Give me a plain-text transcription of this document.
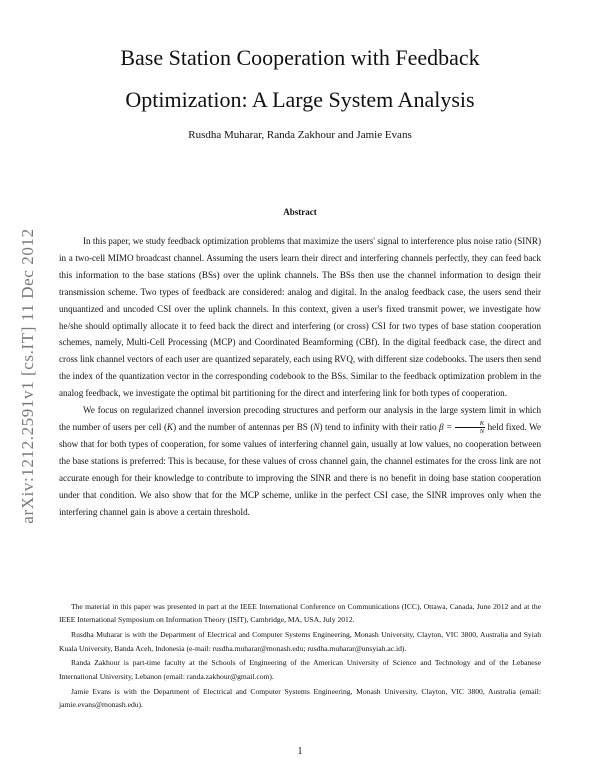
arXiv:1212.2591v1 [cs.IT] 11 Dec 2012
Base Station Cooperation with Feedback
Optimization: A Large System Analysis
Rusdha Muharar, Randa Zakhour and Jamie Evans
Abstract

In this paper, we study feedback optimization problems that maximize the users' signal to interference plus noise ratio (SINR) in a two-cell MIMO broadcast channel. Assuming the users learn their direct and interfering channels perfectly, they can feed back this information to the base stations (BSs) over the uplink channels. The BSs then use the channel information to design their transmission scheme. Two types of feedback are considered: analog and digital. In the analog feedback case, the users send their unquantized and uncoded CSI over the uplink channels. In this context, given a user's fixed transmit power, we investigate how he/she should optimally allocate it to feed back the direct and interfering (or cross) CSI for two types of base station cooperation schemes, namely, Multi-Cell Processing (MCP) and Coordinated Beamforming (CBf). In the digital feedback case, the direct and cross link channel vectors of each user are quantized separately, each using RVQ, with different size codebooks. The users then send the index of the quantization vector in the corresponding codebook to the BSs. Similar to the feedback optimization problem in the analog feedback, we investigate the optimal bit partitioning for the direct and interfering link for both types of cooperation.

We focus on regularized channel inversion precoding structures and perform our analysis in the large system limit in which the number of users per cell (K) and the number of antennas per BS (N) tend to infinity with their ratio $\beta = \frac{K}{N}$ held fixed. We show that for both types of cooperation, for some values of interfering channel gain, usually at low values, no cooperation between the base stations is preferred: This is because, for these values of cross channel gain, the channel estimates for the cross link are not accurate enough for their knowledge to contribute to improving the SINR and there is no benefit in doing base station cooperation under that condition. We also show that for the MCP scheme, unlike in the perfect CSI case, the SINR improves only when the interfering channel gain is above a certain threshold.

The material in this paper was presented in part at the IEEE International Conference on Communications (ICC), Ottawa, Canada, June 2012 and at the IEEE International Symposium on Information Theory (ISIT), Cambridge, MA, USA, July 2012.

Rusdha Muharar is with the Department of Electrical and Computer Systems Engineering, Monash University, Clayton, VIC 3800, Australia and Syiah Kuala University, Banda Aceh, Indonesia (e-mail: rusdha.muharar@monash.edu; rusdha.muharar@unsyiah.ac.id).

Randa Zakhour is part-time faculty at the Schools of Engineering of the American University of Science and Technology and of the Lebanese International University, Lebanon (email: randa.zakhour@gmail.com).

Jamie Evans is with the Department of Electrical and Computer Systems Engineering, Monash University, Clayton, VIC 3800, Australia (email: jamie.evans@monash.edu).

1
